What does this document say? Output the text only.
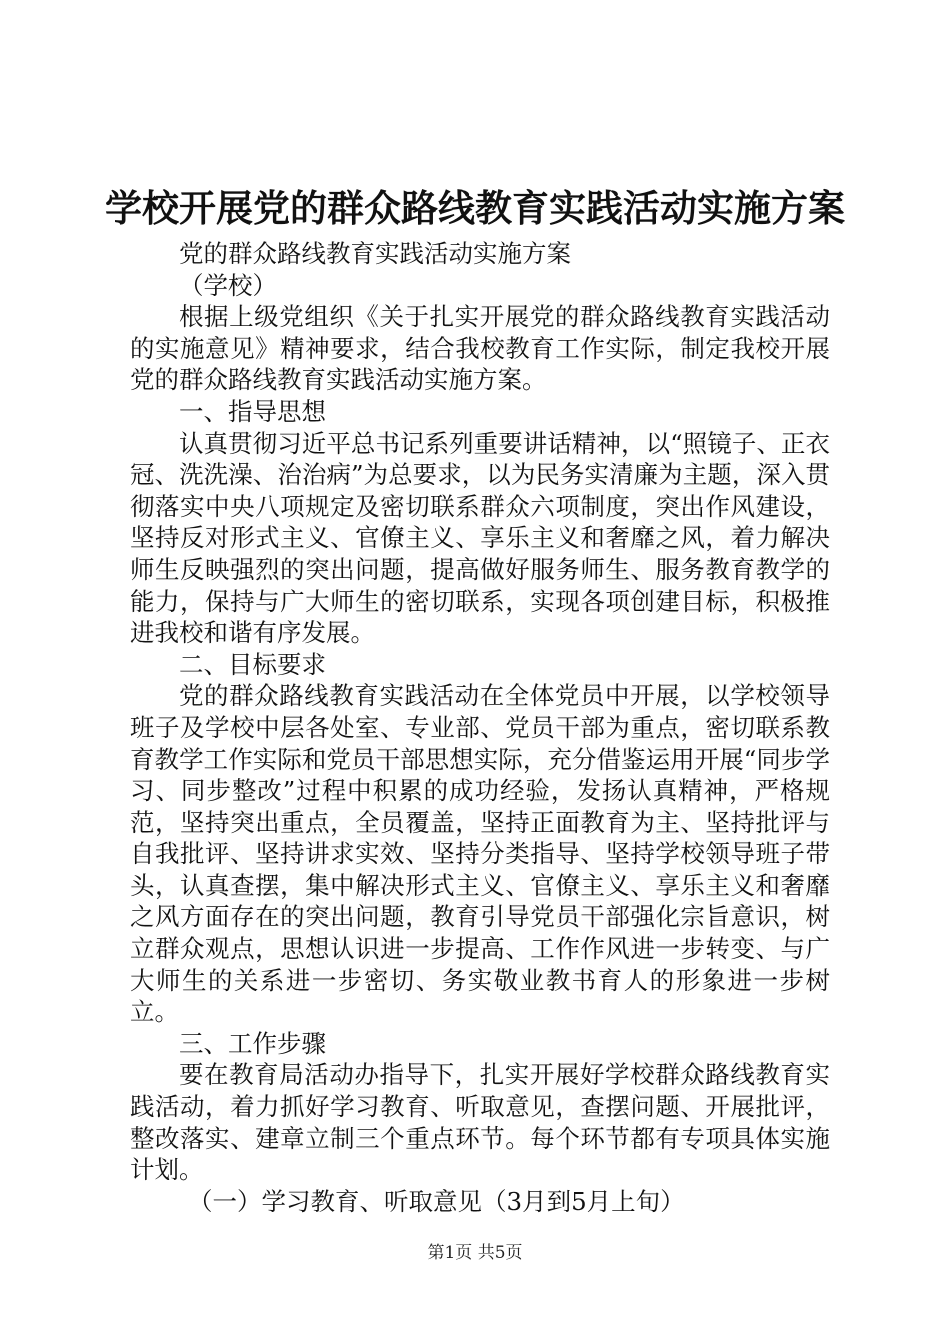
学校开展党的群众路线教育实践活动实施方案

党的群众路线教育实践活动实施方案

（学校）

根据上级党组织《关于扎实开展党的群众路线教育实践活动的实施意见》精神要求，结合我校教育工作实际，制定我校开展党的群众路线教育实践活动实施方案。

一、指导思想

认真贯彻习近平总书记系列重要讲话精神，以“照镜子、正衣冠、洗洗澡、治治病”为总要求，以为民务实清廉为主题，深入贯彻落实中央八项规定及密切联系群众六项制度，突出作风建设，坚持反对形式主义、官僚主义、享乐主义和奢靡之风，着力解决师生反映强烈的突出问题，提高做好服务师生、服务教育教学的能力，保持与广大师生的密切联系，实现各项创建目标，积极推进我校和谐有序发展。

二、目标要求

党的群众路线教育实践活动在全体党员中开展，以学校领导班子及学校中层各处室、专业部、党员干部为重点，密切联系教育教学工作实际和党员干部思想实际，充分借鉴运用开展“同步学习、同步整改”过程中积累的成功经验，发扬认真精神，严格规范，坚持突出重点，全员覆盖，坚持正面教育为主、坚持批评与自我批评、坚持讲求实效、坚持分类指导、坚持学校领导班子带头，认真查摆，集中解决形式主义、官僚主义、享乐主义和奢靡之风方面存在的突出问题，教育引导党员干部强化宗旨意识，树立群众观点，思想认识进一步提高、工作作风进一步转变、与广大师生的关系进一步密切、务实敬业教书育人的形象进一步树立。

三、工作步骤

要在教育局活动办指导下，扎实开展好学校群众路线教育实践活动，着力抓好学习教育、听取意见，查摆问题、开展批评，整改落实、建章立制三个重点环节。每个环节都有专项具体实施计划。

（一）学习教育、听取意见（3月到5月上旬）

第1页 共5页
